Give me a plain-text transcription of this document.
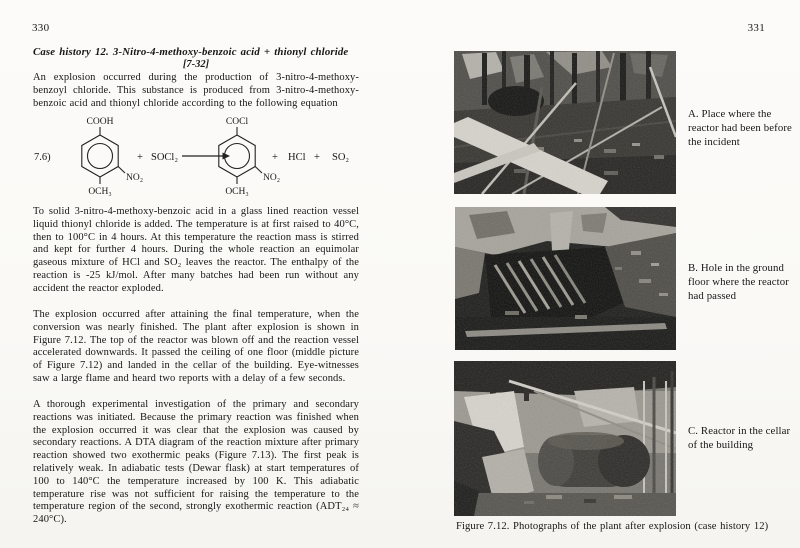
330
Case history 12. 3-Nitro-4-methoxy-benzoic acid + thionyl chloride
[7-32]

An explosion occurred during the production of 3-nitro-4-methoxy-benzoyl chloride. This substance is produced from 3-nitro-4-methoxy-benzoic acid and thionyl chloride according to the following equation

7.6)
COOH
NO₂
OCH₃
+ SOCl₂
COCl
NO₂
OCH₃
+ HCl + SO₂

To solid 3-nitro-4-methoxy-benzoic acid in a glass lined reaction vessel liquid thionyl chloride is added. The temperature is at first raised to 40°C, then to 100°C in 4 hours. At this temperature the reaction mass is stirred and kept for further 4 hours. During the whole reaction an equimolar gaseous mixture of HCl and SO₂ leaves the reactor. The enthalpy of the reaction is -25 kJ/mol. After many batches had been run without any accident the reactor exploded.

The explosion occurred after attaining the final temperature, when the conversion was nearly finished. The plant after explosion is shown in Figure 7.12. The top of the reactor was blown off and the reaction vessel accelerated downwards. It passed the ceiling of one floor (middle picture of Figure 7.12) and landed in the cellar of the building. Eye-witnesses saw a large flame and heard two reports with a delay of a few seconds.

A thorough experimental investigation of the primary and secondary reactions was initiated. Because the primary reaction was finished when the explosion occurred it was clear that the explosion was caused by secondary reactions. A DTA diagram of the reaction mixture after primary reaction showed two exothermic peaks (Figure 7.13). The first peak is relatively weak. In adiabatic tests (Dewar flask) at start temperatures of 100 to 140°C the temperature increased by 100 K. This adiabatic temperature rise was not sufficient for raising the temperature to the temperature region of the second, strongly exothermic reaction (ADT₂₄ ≈ 240°C).

331
A. Place where the reactor had been before the incident
B. Hole in the ground floor where the reactor had passed
C. Reactor in the cellar of the building
Figure 7.12. Photographs of the plant after explosion (case history 12)
